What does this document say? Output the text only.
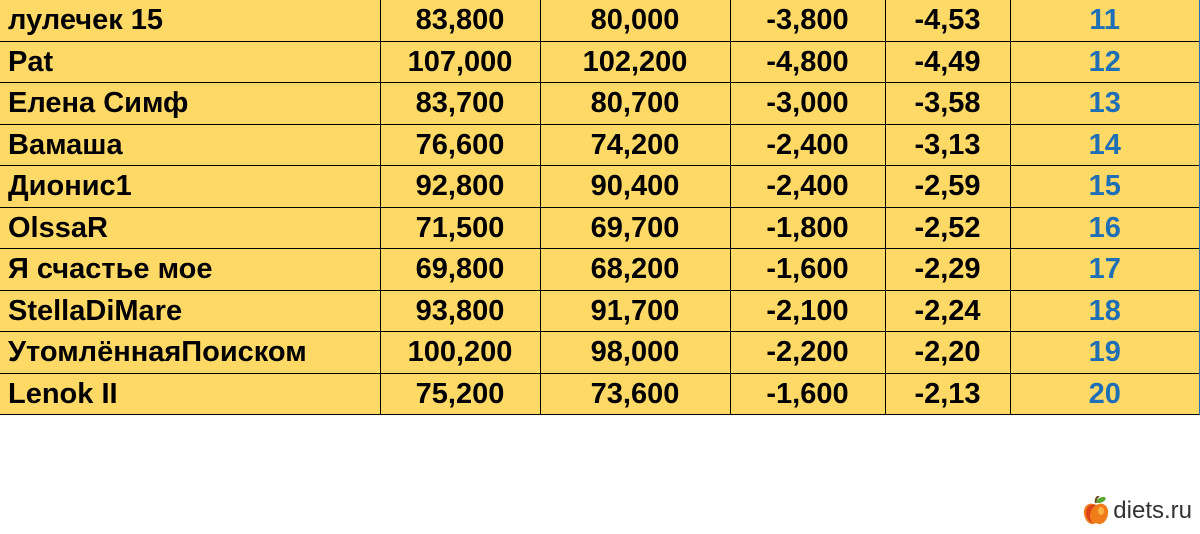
лулечек 15	83,800	80,000	-3,800	-4,53	11
Pat	107,000	102,200	-4,800	-4,49	12
Елена Симф	83,700	80,700	-3,000	-3,58	13
Вамаша	76,600	74,200	-2,400	-3,13	14
Дионис1	92,800	90,400	-2,400	-2,59	15
OlssaR	71,500	69,700	-1,800	-2,52	16
Я счастье мое	69,800	68,200	-1,600	-2,29	17
StellaDiMare	93,800	91,700	-2,100	-2,24	18
УтомлённаяПоиском	100,200	98,000	-2,200	-2,20	19
Lenok II	75,200	73,600	-1,600	-2,13	20
diets.ru
